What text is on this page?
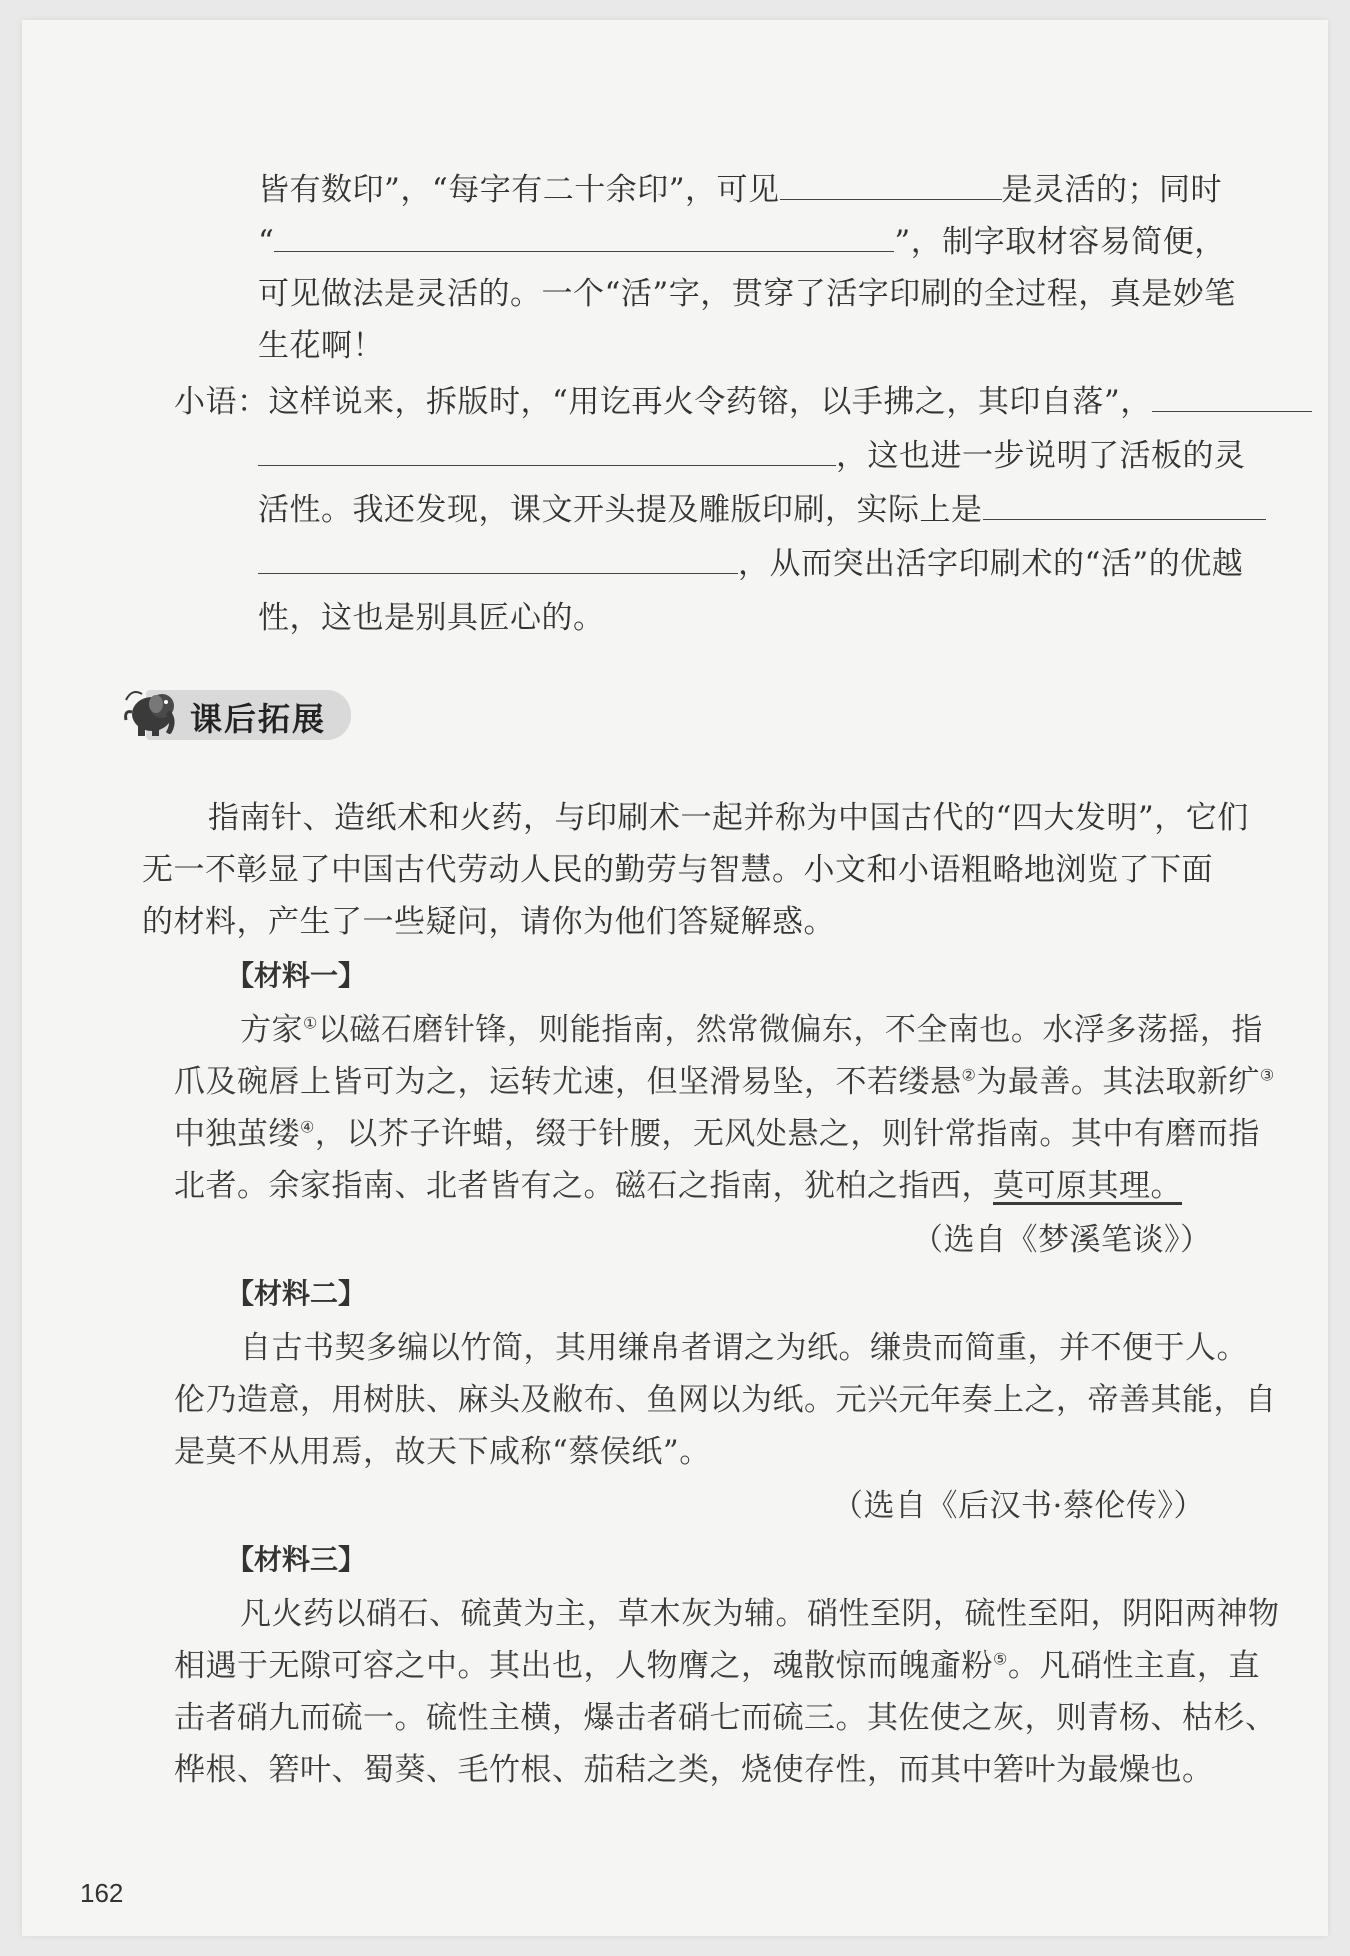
皆有数印”，“每字有二十余印”，可见	是灵活的；同时
“	”，制字取材容易简便，
可见做法是灵活的。一个“活”字，贯穿了活字印刷的全过程，真是妙笔
生花啊！
小语：这样说来，拆版时，“用讫再火令药镕，以手拂之，其印自落”，
，这也进一步说明了活板的灵
活性。我还发现，课文开头提及雕版印刷，实际上是
，从而突出活字印刷术的“活”的优越
性，这也是别具匠心的。
课后拓展
指南针、造纸术和火药，与印刷术一起并称为中国古代的“四大发明”，它们
无一不彰显了中国古代劳动人民的勤劳与智慧。小文和小语粗略地浏览了下面
的材料，产生了一些疑问，请你为他们答疑解惑。
【材料一】
方家①以磁石磨针锋，则能指南，然常微偏东，不全南也。水浮多荡摇，指
爪及碗唇上皆可为之，运转尤速，但坚滑易坠，不若缕悬②为最善。其法取新纩③
中独茧缕④，以芥子许蜡，缀于针腰，无风处悬之，则针常指南。其中有磨而指
北者。余家指南、北者皆有之。磁石之指南，犹柏之指西，莫可原其理。
（选自《梦溪笔谈》）
【材料二】
自古书契多编以竹简，其用缣帛者谓之为纸。缣贵而简重，并不便于人。
伦乃造意，用树肤、麻头及敝布、鱼网以为纸。元兴元年奏上之，帝善其能，自
是莫不从用焉，故天下咸称“蔡侯纸”。
（选自《后汉书·蔡伦传》）
【材料三】
凡火药以硝石、硫黄为主，草木灰为辅。硝性至阴，硫性至阳，阴阳两神物
相遇于无隙可容之中。其出也，人物膺之，魂散惊而魄齑粉⑤。凡硝性主直，直
击者硝九而硫一。硫性主横，爆击者硝七而硫三。其佐使之灰，则青杨、枯杉、
桦根、箬叶、蜀葵、毛竹根、茄秸之类，烧使存性，而其中箬叶为最燥也。
162
